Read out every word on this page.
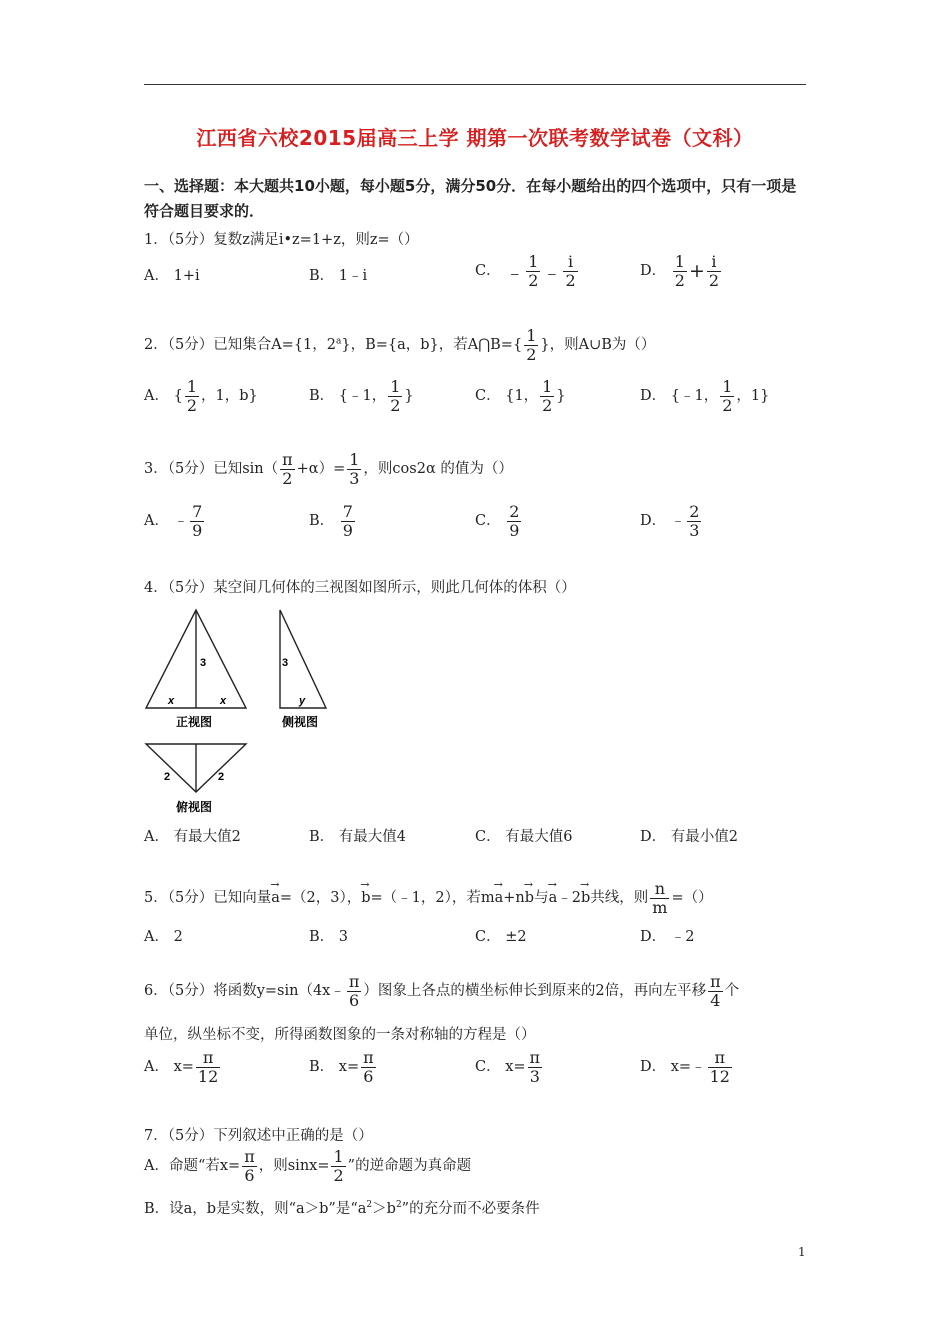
江西省六校2015届高三上学 期第一次联考数学试卷（文科）
一、选择题：本大题共10小题，每小题5分，满分50分．在每小题给出的四个选项中，只有一项是符合题目要求的．
1．（5分）复数z满足i•z=1+z，则z=（）
A． 1+i	B． 1﹣i	C． ﹣ $\frac{1}{2}$ ﹣ $\frac{i}{2}$	D． $\frac{1}{2} + \frac{i}{2}$
2．（5分）已知集合A={1，2$^a$}，B={a，b}，若A⋂B={ $\frac{1}{2}$ }，则A∪B为（）
A． { $\frac{1}{2}$ ，1，b}	B． {﹣1， $\frac{1}{2}$ }	C． {1， $\frac{1}{2}$ }	D． {﹣1， $\frac{1}{2}$ ，1}
3．（5分）已知$\sin( \frac{\pi}{2} +\alpha)= \frac{1}{3}$ ，则cos2α 的值为（）
A． ﹣ $\frac{7}{9}$	B． $\frac{7}{9}$	C． $\frac{2}{9}$	D． ﹣ $\frac{2}{3}$
4．（5分）某空间几何体的三视图如图所示，则此几何体的体积（）
3
x	x
正视图
3
y
侧视图
2	2
俯视图
A． 有最大值2	B． 有最大值4	C． 有最大值6	D． 有最小值2
5．（5分）已知向量→ a=（2，3），→ b=（﹣1，2），若m→ a+n→ b与→ a﹣2→ b共线，则 $\frac{n}{m}$ =（）
A． 2	B． 3	C． ±2	D． ﹣2
6．（5分）将函数y=sin（4x﹣ $\frac{\pi}{6}$ ）图象上各点的横坐标伸长到原来的2倍，再向左平移 $\frac{\pi}{4}$ 个
单位，纵坐标不变，所得函数图象的一条对称轴的方程是（）
A． $x= \frac{\pi}{12}$	B． $x= \frac{\pi}{6}$	C． $x= \frac{\pi}{3}$	D． x=﹣ $\frac{\pi}{12}$
7．（5分）下列叙述中正确的是（）
A．命题“若$x= \frac{\pi}{6}$ ，则$\sin x= \frac{1}{2}$ ”的逆命题为真命题
B．设a，b是实数，则“a＞b”是“$a^2>b^2$”的充分而不必要条件
1
